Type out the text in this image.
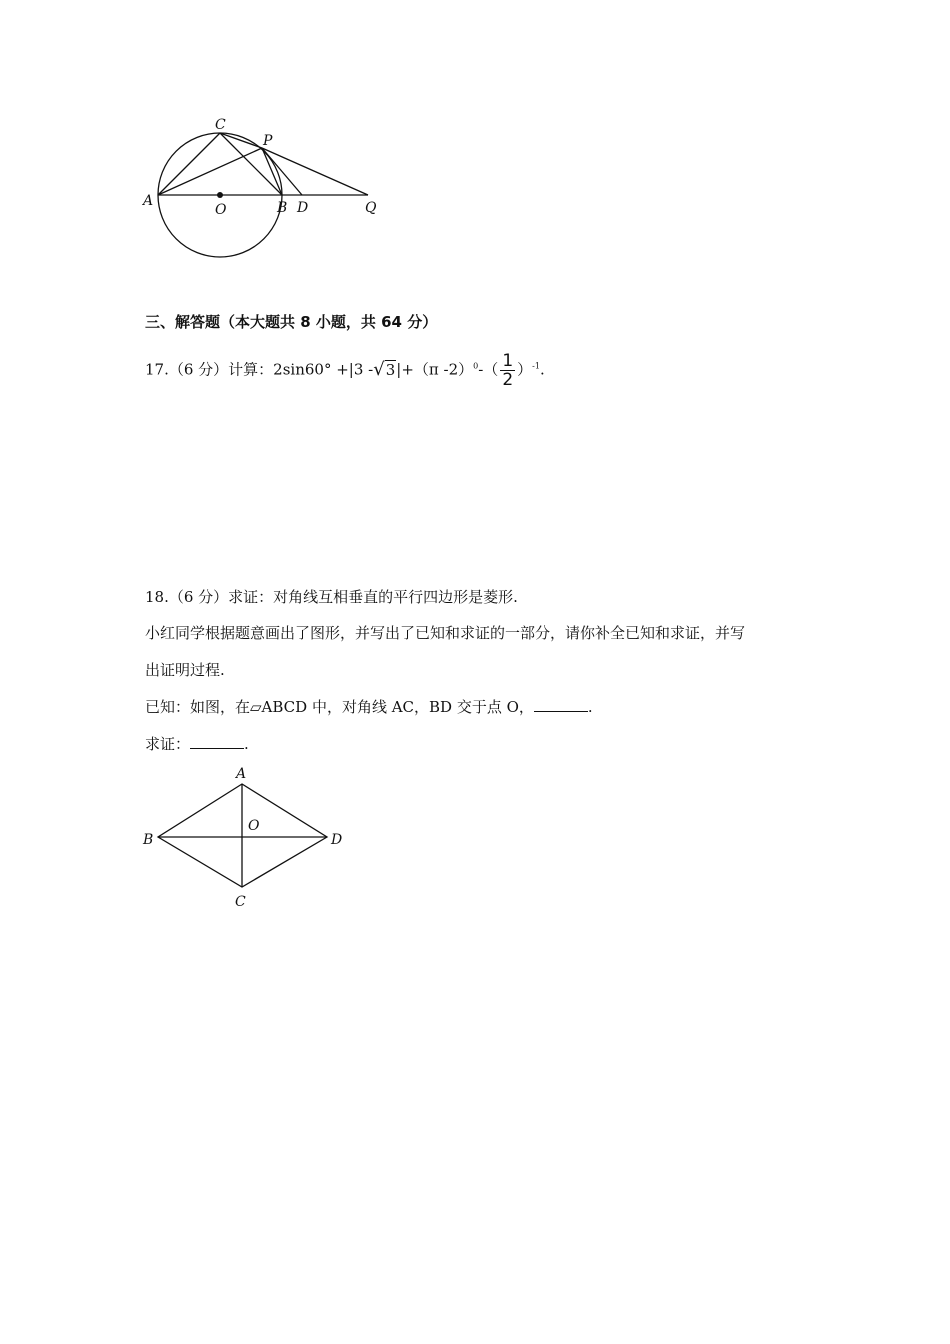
A
C
P
O	B D	Q
三、解答题（本大题共 8 小题，共 64 分）
17.（6 分）计算：2sin60° +|3 -√3|+（π $-2)^0-( \frac{1}{2} )^{-1}$.
18.（6 分）求证：对角线互相垂直的平行四边形是菱形.
小红同学根据题意画出了图形，并写出了已知和求证的一部分，请你补全已知和求证，并写
出证明过程.
已知：如图，在▱ABCD 中，对角线 AC，BD 交于点 O，	.
求证：	.
A
B
O
D
C
